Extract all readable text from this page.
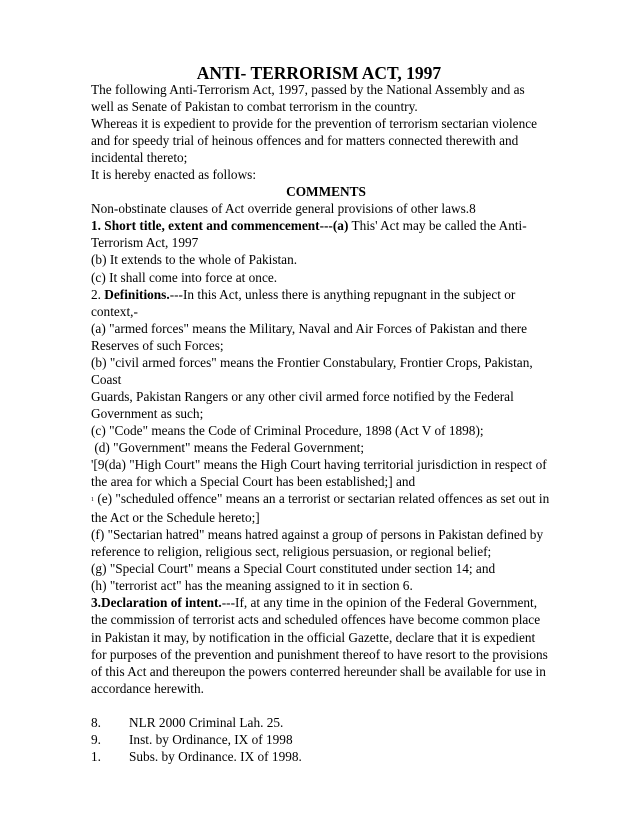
ANTI- TERRORISM ACT, 1997
The following Anti-Terrorism Act, 1997, passed by the National Assembly and as
well as Senate of Pakistan to combat terrorism in the country.
Whereas it is expedient to provide for the prevention of terrorism sectarian violence
and for speedy trial of heinous offences and for matters connected therewith and
incidental thereto;
It is hereby enacted as follows:
COMMENTS
Non-obstinate clauses of Act override general provisions of other laws.8
1. Short title, extent and commencement---(a) This' Act may be called the Anti-
Terrorism Act, 1997
(b) It extends to the whole of Pakistan.
(c) It shall come into force at once.
2. Definitions.---In this Act, unless there is anything repugnant in the subject or
context,-
(a) "armed forces" means the Military, Naval and Air Forces of Pakistan and there
Reserves of such Forces;
(b) "civil armed forces" means the Frontier Constabulary, Frontier Crops, Pakistan,
Coast
Guards, Pakistan Rangers or any other civil armed force notified by the Federal
Government as such;
(c) "Code" means the Code of Criminal Procedure, 1898 (Act V of 1898);
(d) "Government" means the Federal Government;
'[9(da) "High Court" means the High Court having territorial jurisdiction in respect of
the area for which a Special Court has been established;] and
$^1$ (e) "scheduled offence" means an a terrorist or sectarian related offences as set out in
the Act or the Schedule hereto;]
(f) "Sectarian hatred" means hatred against a group of persons in Pakistan defined by
reference to religion, religious sect, religious persuasion, or regional belief;
(g) "Special Court" means a Special Court constituted under section 14; and
(h) "terrorist act" has the meaning assigned to it in section 6.
3.Declaration of intent.---If, at any time in the opinion of the Federal Government,
the commission of terrorist acts and scheduled offences have become common place
in Pakistan it may, by notification in the official Gazette, declare that it is expedient
for purposes of the prevention and punishment thereof to have resort to the provisions
of this Act and thereupon the powers conterred hereunder shall be available for use in
accordance herewith.
8. NLR 2000 Criminal Lah. 25.
9. Inst. by Ordinance, IX of 1998
1. Subs. by Ordinance. IX of 1998.
